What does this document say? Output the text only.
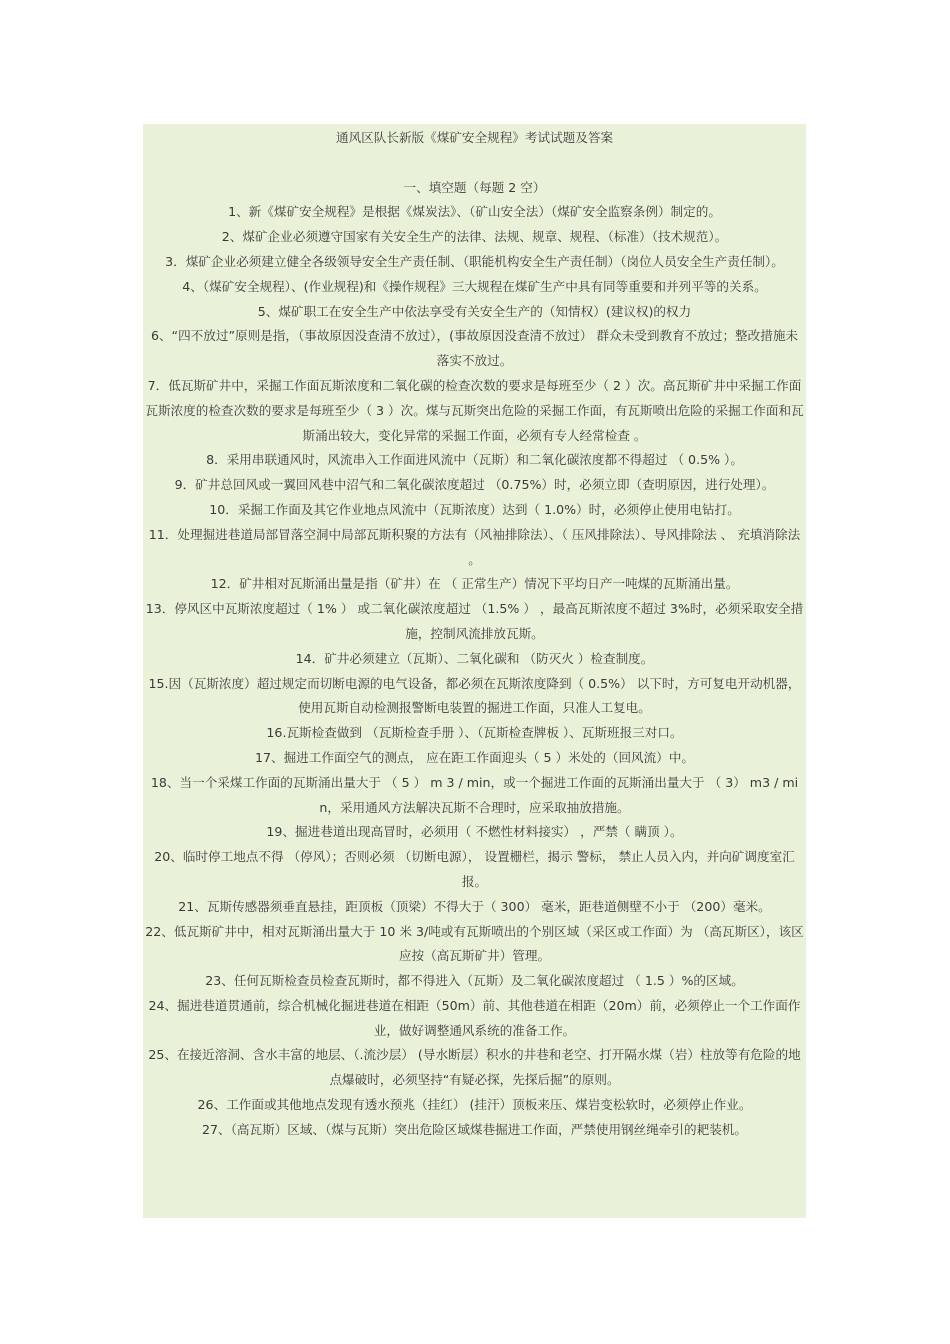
通风区队长新版《煤矿安全规程》考试试题及答案
一、填空题（每题 2 空）
1、新《煤矿安全规程》是根据《煤炭法》、（矿山安全法）（煤矿安全监察条例）制定的。
2、煤矿企业必须遵守国家有关安全生产的法律、法规、规章、规程、（标准）（技术规范）。
3．煤矿企业必须建立健全各级领导安全生产责任制、（职能机构安全生产责任制）（岗位人员安全生产责任制）。
4、（煤矿安全规程）、(作业规程)和《操作规程》三大规程在煤矿生产中具有同等重要和并列平等的关系。
5、煤矿职工在安全生产中依法享受有关安全生产的（知情权）(建议权)的权力
6、“四不放过”原则是指，（事故原因没查清不放过），(事故原因没查清不放过） 群众未受到教育不放过；整改措施未落实不放过。
7．低瓦斯矿井中，采掘工作面瓦斯浓度和二氧化碳的检查次数的要求是每班至少（ 2 ）次。高瓦斯矿井中采掘工作面瓦斯浓度的检查次数的要求是每班至少（ 3 ）次。煤与瓦斯突出危险的采掘工作面，有瓦斯喷出危险的采掘工作面和瓦斯涌出较大，变化异常的采掘工作面，必须有专人经常检查 。
8．采用串联通风时，风流串入工作面进风流中（瓦斯）和二氧化碳浓度都不得超过 （ 0.5% ）。
9．矿井总回风或一翼回风巷中沼气和二氧化碳浓度超过 （0.75%）时，必须立即（查明原因，进行处理）。
10．采掘工作面及其它作业地点风流中（瓦斯浓度）达到（ 1.0%）时，必须停止使用电钻打。
11．处理掘进巷道局部冒落空洞中局部瓦斯积聚的方法有（风袖排除法）、（ 压风排除法）、导风排除法 、 充填消除法 。
12．矿井相对瓦斯涌出量是指（矿井）在 （ 正常生产）情况下平均日产一吨煤的瓦斯涌出量。
13．停风区中瓦斯浓度超过（ 1% ） 或二氧化碳浓度超过 （1.5% ） ，最高瓦斯浓度不超过 3%时，必须采取安全措施，控制风流排放瓦斯。
14．矿井必须建立（瓦斯）、二氧化碳和 （防灭火 ）检查制度。
15.因（瓦斯浓度）超过规定而切断电源的电气设备，都必须在瓦斯浓度降到（ 0.5%） 以下时，方可复电开动机器，使用瓦斯自动检测报警断电装置的掘进工作面，只准人工复电。
16.瓦斯检查做到 （瓦斯检查手册 ）、（瓦斯检查牌板 ）、瓦斯班报三对口。
17、掘进工作面空气的测点， 应在距工作面迎头（ 5 ）米处的（回风流）中。
18、当一个采煤工作面的瓦斯涌出量大于 （ 5 ） m 3 / min，或一个掘进工作面的瓦斯涌出量大于 （ 3） m3 / min，采用通风方法解决瓦斯不合理时，应采取抽放措施。
19、掘进巷道出现高冒时，必须用（ 不燃性材料接实） ，严禁（ 瞒顶 ）。
20、临时停工地点不得 （停风）；否则必须 （切断电源）， 设置栅栏，揭示 警标， 禁止人员入内，并向矿调度室汇报。
21、瓦斯传感器须垂直悬挂，距顶板（顶梁）不得大于（ 300） 毫米，距巷道侧壁不小于 （200）毫米。
22、低瓦斯矿井中，相对瓦斯涌出量大于 10 米 3/吨或有瓦斯喷出的个别区域（采区或工作面）为 （高瓦斯区），该区应按（高瓦斯矿井）管理。
23、任何瓦斯检查员检查瓦斯时，都不得进入（瓦斯）及二氧化碳浓度超过 （ 1.5 ）%的区域。
24、掘进巷道贯通前，综合机械化掘进巷道在相距（50m）前、其他巷道在相距（20m）前，必须停止一个工作面作业，做好调整通风系统的准备工作。
25、在接近溶洞、含水丰富的地层、（.流沙层） (导水断层）积水的井巷和老空、打开隔水煤（岩）柱放等有危险的地点爆破时，必须坚持“有疑必探，先探后掘”的原则。
26、工作面或其他地点发现有透水预兆（挂红） (挂汗）顶板来压、煤岩变松软时，必须停止作业。
27、（高瓦斯）区域、（煤与瓦斯）突出危险区域煤巷掘进工作面，严禁使用钢丝绳牵引的耙装机。
